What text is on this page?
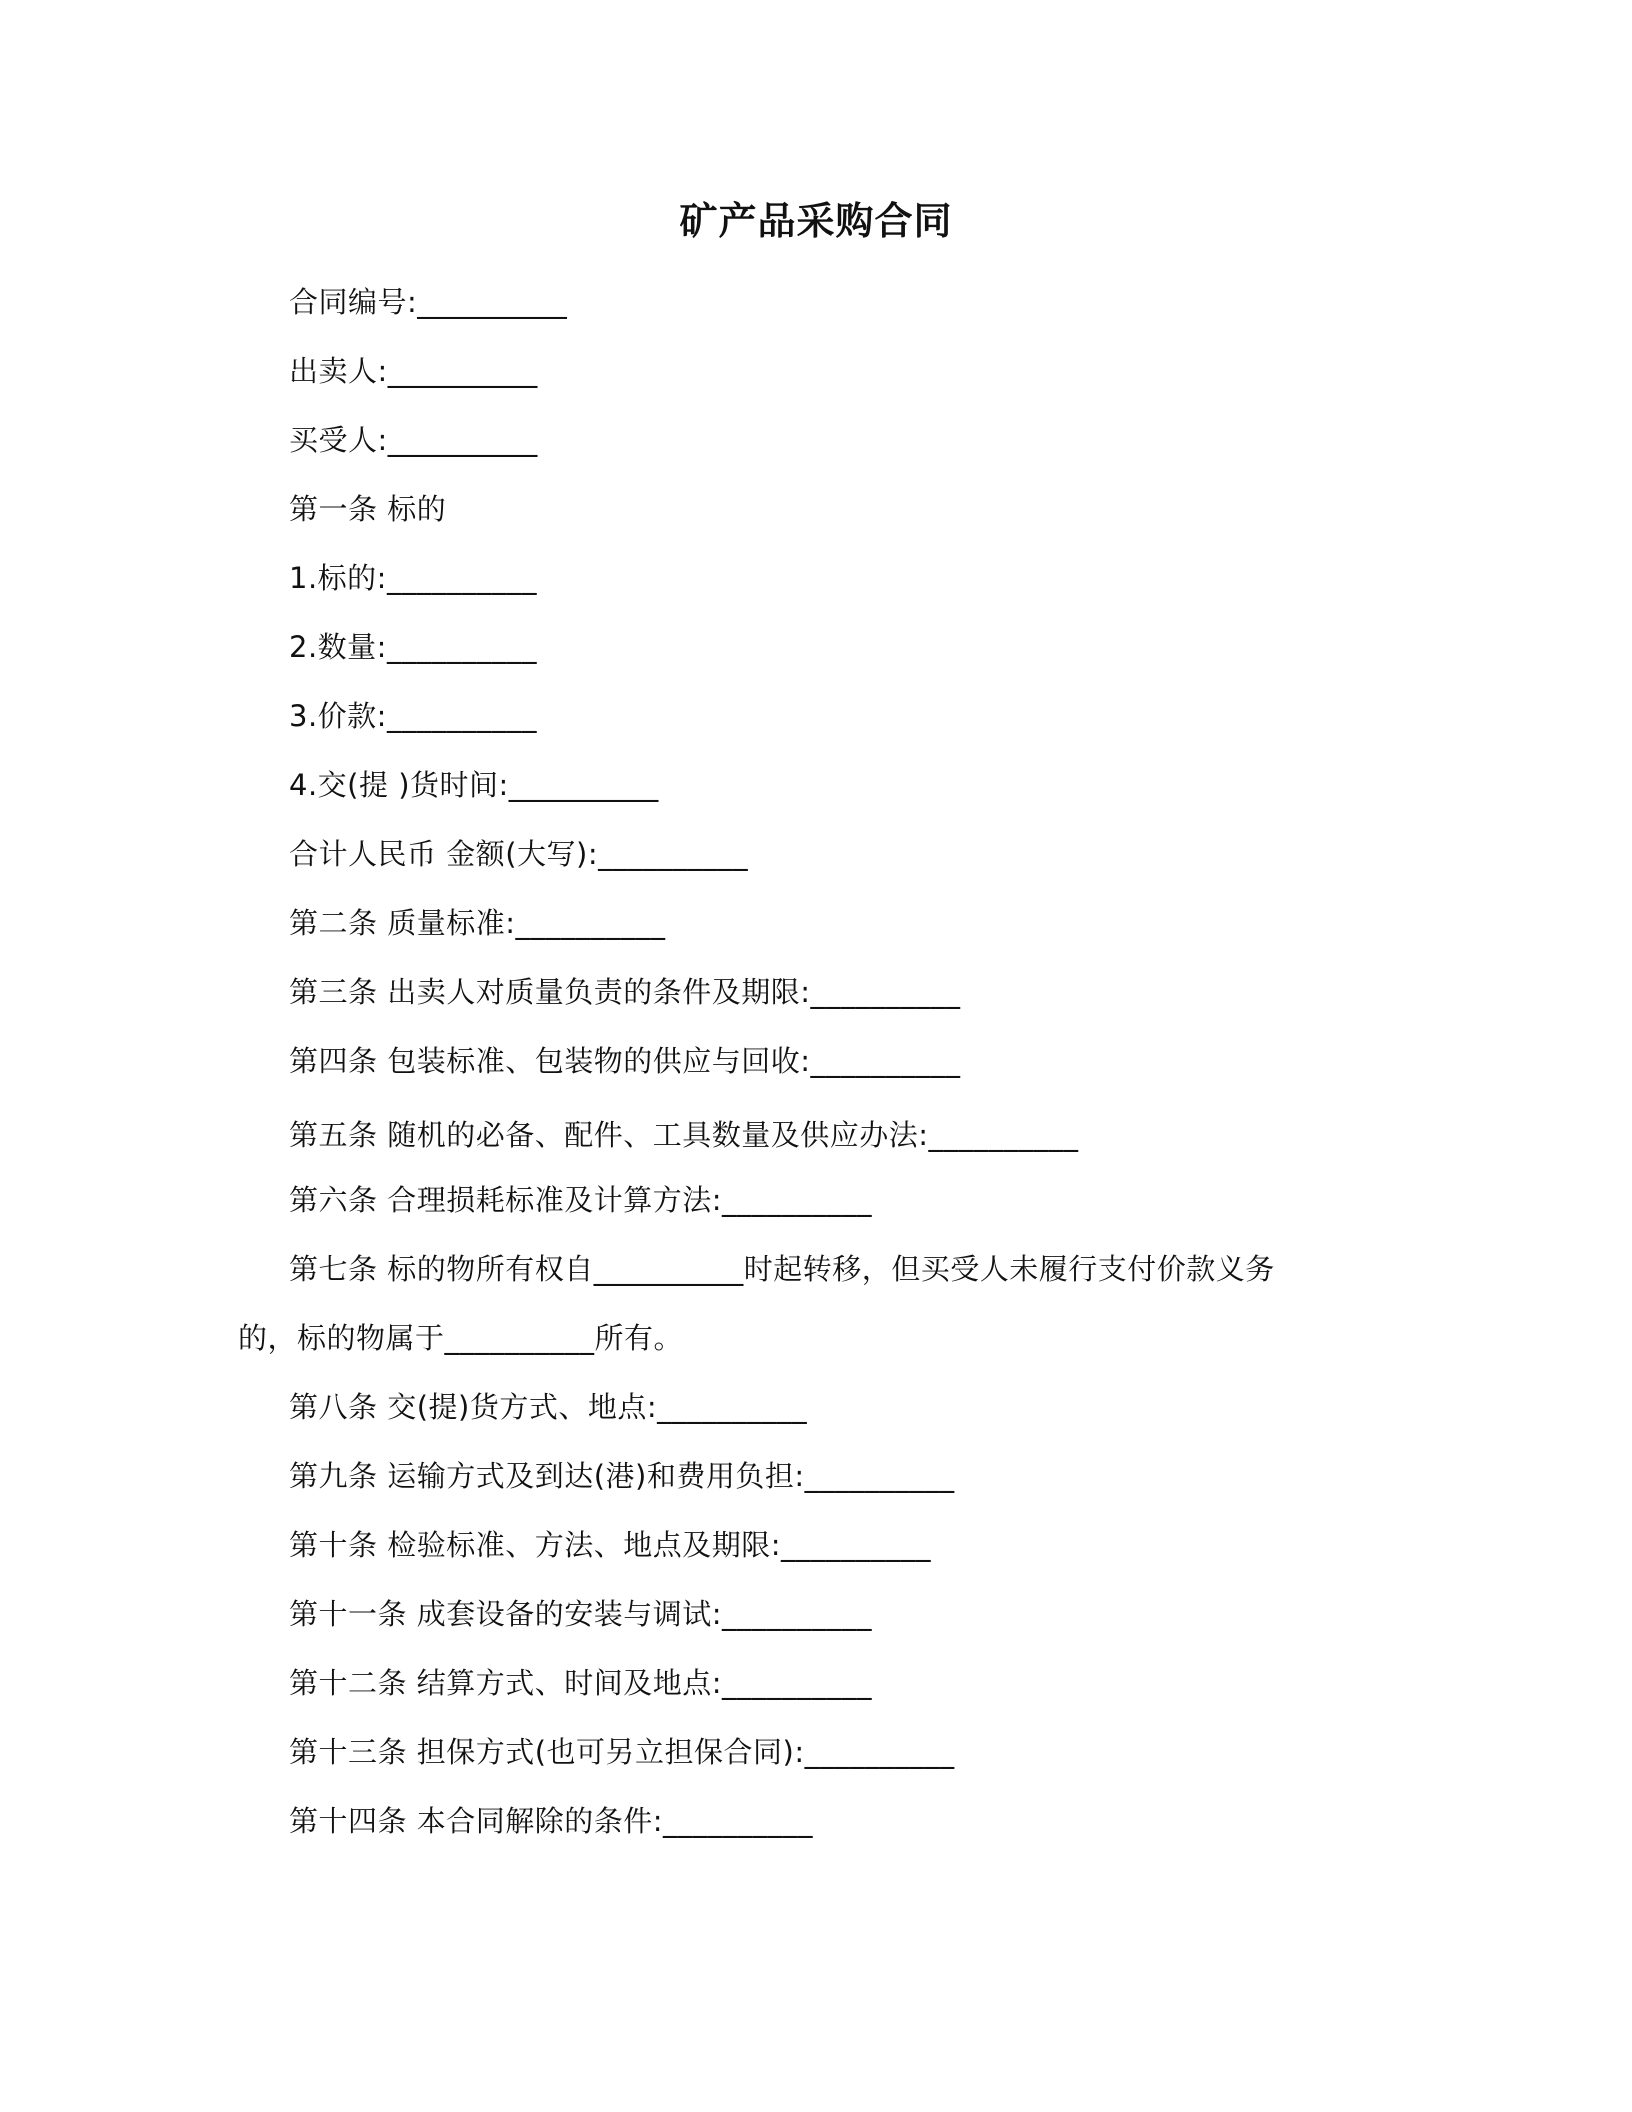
矿产品采购合同
合同编号:__________
出卖人:__________
买受人:__________
第一条 标的
1.标的:__________
2.数量:__________
3.价款:__________
4.交(提 )货时间:__________
合计人民币 金额(大写):__________
第二条 质量标准:__________
第三条 出卖人对质量负责的条件及期限:__________
第四条 包装标准、包装物的供应与回收:__________
第五条 随机的必备、配件、工具数量及供应办法:__________
第六条 合理损耗标准及计算方法:__________
第七条 标的物所有权自__________时起转移，但买受人未履行支付价款义务
的，标的物属于__________所有。
第八条 交(提)货方式、地点:__________
第九条 运输方式及到达(港)和费用负担:__________
第十条 检验标准、方法、地点及期限:__________
第十一条 成套设备的安装与调试:__________
第十二条 结算方式、时间及地点:__________
第十三条 担保方式(也可另立担保合同):__________
第十四条 本合同解除的条件:__________
